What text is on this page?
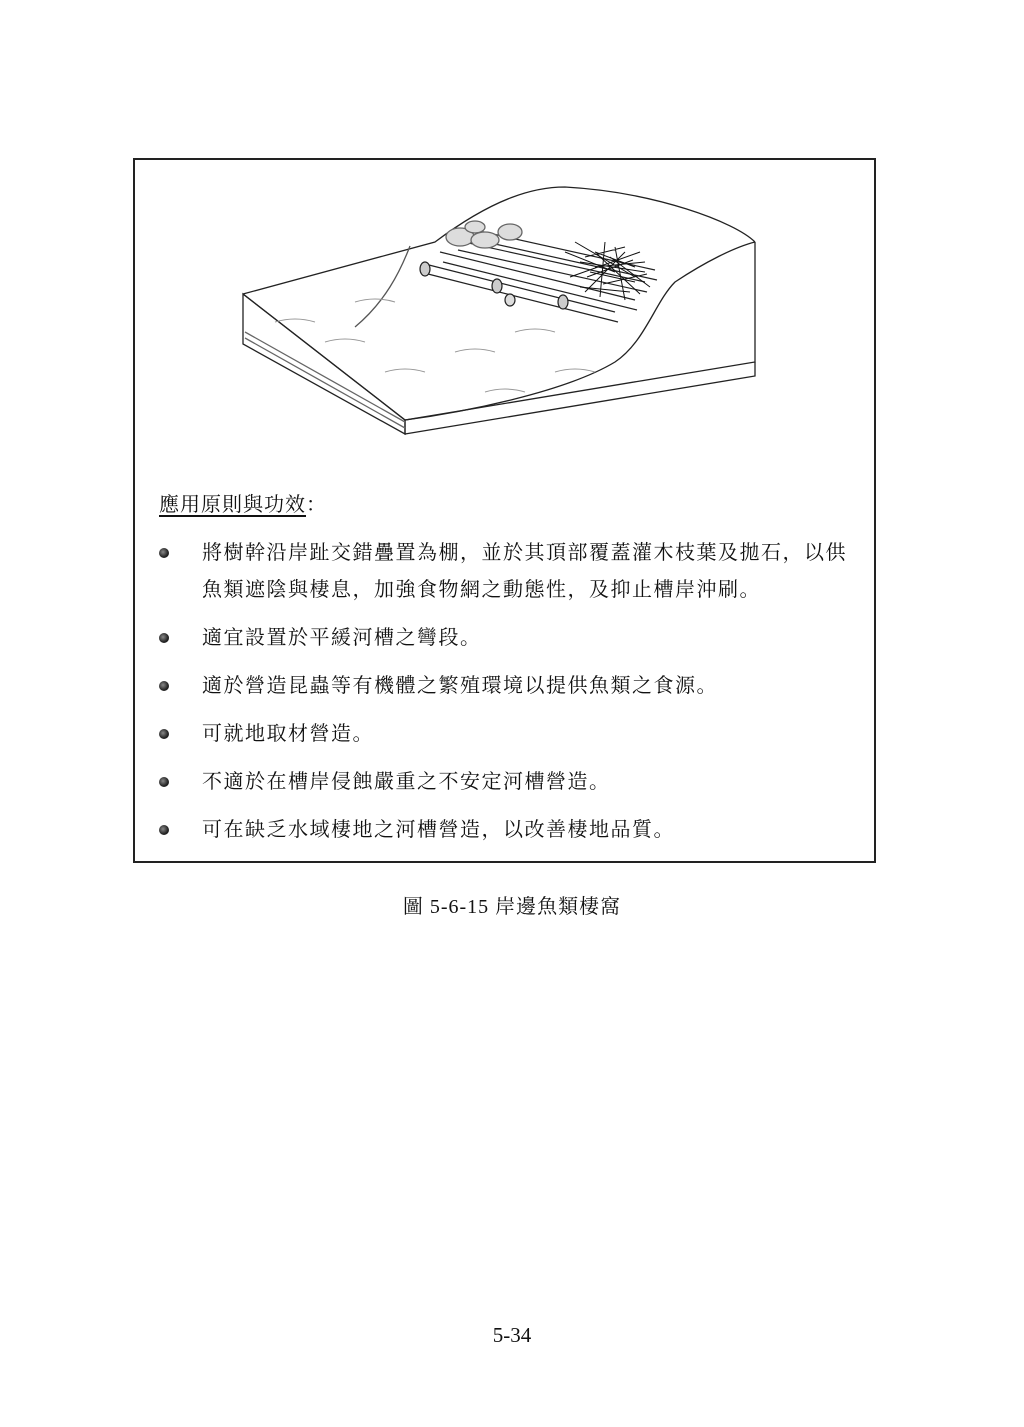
應用原則與功效：
將樹幹沿岸趾交錯疊置為棚，並於其頂部覆蓋灌木枝葉及拋石，以供魚類遮陰與棲息，加強食物網之動態性，及抑止槽岸沖刷。
適宜設置於平緩河槽之彎段。
適於營造昆蟲等有機體之繁殖環境以提供魚類之食源。
可就地取材營造。
不適於在槽岸侵蝕嚴重之不安定河槽營造。
可在缺乏水域棲地之河槽營造，以改善棲地品質。
圖 5-6-15 岸邊魚類棲窩
5-34
